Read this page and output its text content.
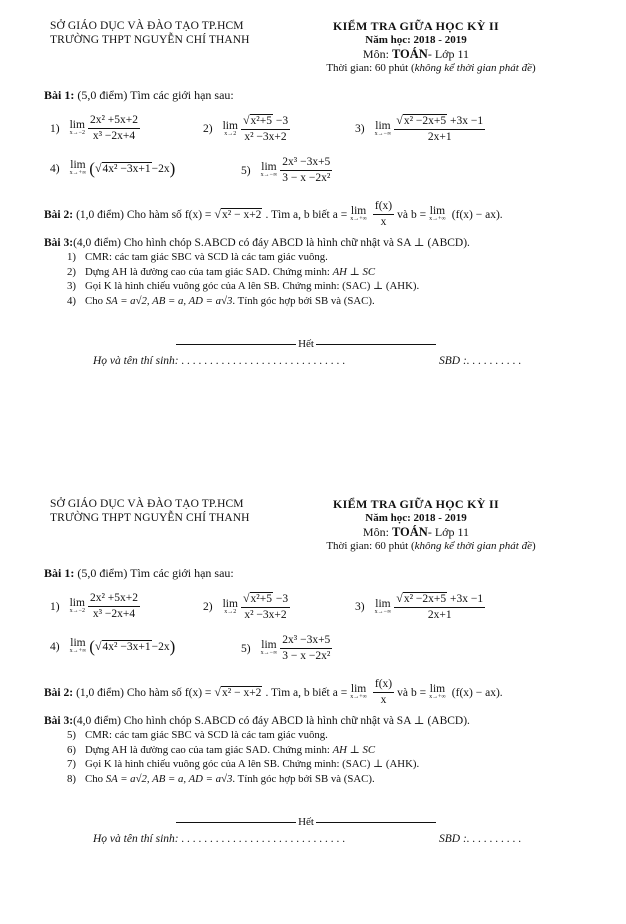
SỞ GIÁO DỤC VÀ ĐÀO TẠO TP.HCM
TRƯỜNG THPT NGUYỄN CHÍ THANH
KIỂM TRA GIỮA HỌC KỲ II
Năm học: 2018 - 2019
Môn: TOÁN- Lớp 11
Thời gian: 60 phút (không kể thời gian phát đề)
Bài 1: (5,0 điểm) Tìm các giới hạn sau:
1) lim
$x\to-2 \frac{\text{2x² +5x+2}}{\text{x³ −2x+4}}$	2) lim
$x\to 2 \frac{\text{√x²+5 −3}}{\text{x² −3x+2}}$	3) lim
$x\to-\infty \frac{\text{√x² −2x+5 +3x −1}}{2x+1}$
4) lim
x→+∞ ( √ 4x² −3x+1 −2x )	5) lim
$x\to-\infty \frac{\text{2x³ −3x+5}}{\text{3 − x −2x²}}$
Bài 2: (1,0 điểm) Cho hàm số f(x) = √x² − x+2 . Tìm a, b biết a = lim
$x\to+\infty \frac{f(x)}{x}$ và b = lim
x→+∞ (f(x) − ax).
Bài 3:(4,0 điểm) Cho hình chóp S.ABCD có đáy ABCD là hình chữ nhật và SA ⊥ (ABCD).
1) CMR: các tam giác SBC và SCD là các tam giác vuông.
2) Dựng AH là đường cao của tam giác SAD. Chứng minh: AH ⊥ SC
3) Gọi K là hình chiếu vuông góc của A lên SB. Chứng minh: (SAC) ⊥ (AHK).
4) Cho SA = a√2, AB = a, AD = a√3. Tính góc hợp bởi SB và (SAC).
Hết
Họ và tên thí sinh: . . . . . . . . . . . . . . . . . . . . . . . . . . . . .	SBD :. . . . . . . . . .
SỞ GIÁO DỤC VÀ ĐÀO TẠO TP.HCM
TRƯỜNG THPT NGUYỄN CHÍ THANH
KIỂM TRA GIỮA HỌC KỲ II
Năm học: 2018 - 2019
Môn: TOÁN- Lớp 11
Thời gian: 60 phút (không kể thời gian phát đề)
Bài 1: (5,0 điểm) Tìm các giới hạn sau:
1) lim
$x\to-2 \frac{\text{2x² +5x+2}}{\text{x³ −2x+4}}$	2) lim
$x\to 2 \frac{\text{√x²+5 −3}}{\text{x² −3x+2}}$	3) lim
$x\to-\infty \frac{\text{√x² −2x+5 +3x −1}}{2x+1}$
4) lim
x→+∞ ( √ 4x² −3x+1 −2x )	5) lim
$x\to-\infty \frac{\text{2x³ −3x+5}}{\text{3 − x −2x²}}$
Bài 2: (1,0 điểm) Cho hàm số f(x) = √x² − x+2 . Tìm a, b biết a = lim
$x\to+\infty \frac{f(x)}{x}$ và b = lim
x→+∞ (f(x) − ax).
Bài 3:(4,0 điểm) Cho hình chóp S.ABCD có đáy ABCD là hình chữ nhật và SA ⊥ (ABCD).
5) CMR: các tam giác SBC và SCD là các tam giác vuông.
6) Dựng AH là đường cao của tam giác SAD. Chứng minh: AH ⊥ SC
7) Gọi K là hình chiếu vuông góc của A lên SB. Chứng minh: (SAC) ⊥ (AHK).
8) Cho SA = a√2, AB = a, AD = a√3. Tính góc hợp bởi SB và (SAC).
Hết
Họ và tên thí sinh: . . . . . . . . . . . . . . . . . . . . . . . . . . . . .	SBD :. . . . . . . . . .
